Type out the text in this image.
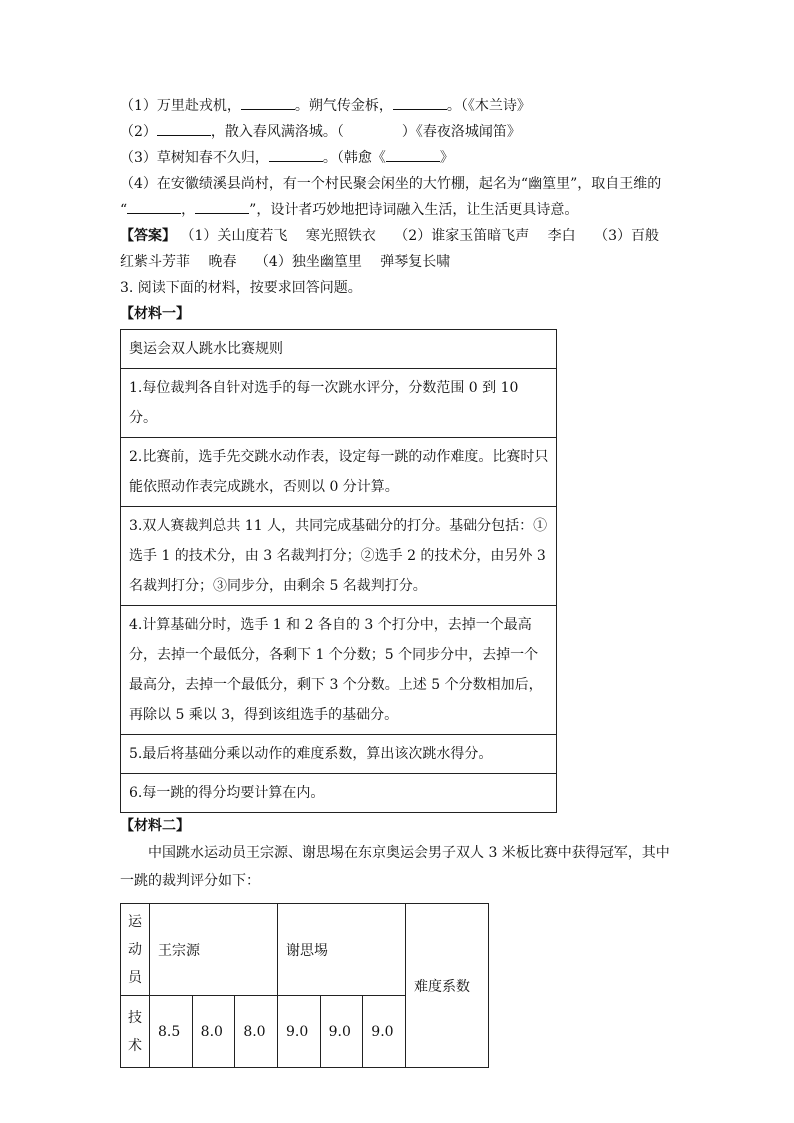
（1）万里赴戎机，	。朔气传金柝，	。（《木兰诗》
（2）	，散入春风满洛城。（	）《春夜洛城闻笛》
（3）草树知春不久归，	。（韩愈《	》
（4）在安徽绩溪县尚村，有一个村民聚会闲坐的大竹棚，起名为“幽篁里”，取自王维的
“	，	”，设计者巧妙地把诗词融入生活，让生活更具诗意。
【答案】 （1）关山度若飞 寒光照铁衣 （2）谁家玉笛暗飞声 李白 （3）百般
红紫斗芳菲 晚春 （4）独坐幽篁里 弹琴复长啸
3. 阅读下面的材料，按要求回答问题。
【材料一】
奥运会双人跳水比赛规则
1.每位裁判各自针对选手的每一次跳水评分，分数范围 0 到 10 分。
2.比赛前，选手先交跳水动作表，设定每一跳的动作难度。比赛时只能依照动作表完成跳水，否则以 0 分计算。
3.双人赛裁判总共 11 人，共同完成基础分的打分。基础分包括：①选手 1 的技术分，由 3 名裁判打分；②选手 2 的技术分，由另外 3 名裁判打分；③同步分，由剩余 5 名裁判打分。
4.计算基础分时，选手 1 和 2 各自的 3 个打分中，去掉一个最高分，去掉一个最低分，各剩下 1 个分数；5 个同步分中，去掉一个最高分，去掉一个最低分，剩下 3 个分数。上述 5 个分数相加后，再除以 5 乘以 3，得到该组选手的基础分。
5.最后将基础分乘以动作的难度系数，算出该次跳水得分。
6.每一跳的得分均要计算在内。
【材料二】
中国跳水运动员王宗源、谢思埸在东京奥运会男子双人 3 米板比赛中获得冠军，其中一跳的裁判评分如下：
运
动
员	王宗源			谢思埸			难度系数

技
术	8.5	8.0	8.0	9.0	9.0	9.0	
